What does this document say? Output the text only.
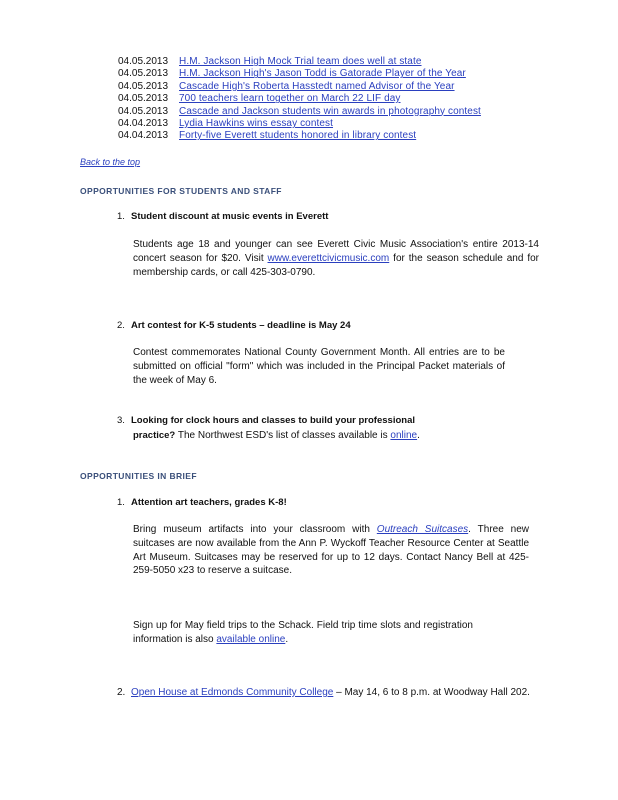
04.05.2013	H.M. Jackson High Mock Trial team does well at state
04.05.2013	H.M. Jackson High's Jason Todd is Gatorade Player of the Year
04.05.2013	Cascade High's Roberta Hasstedt named Advisor of the Year
04.05.2013	700 teachers learn together on March 22 LIF day
04.05.2013	Cascade and Jackson students win awards in photography contest
04.04.2013	Lydia Hawkins wins essay contest
04.04.2013	Forty-five Everett students honored in library contest
Back to the top
OPPORTUNITIES FOR STUDENTS AND STAFF
1. Student discount at music events in Everett
Students age 18 and younger can see Everett Civic Music Association's entire 2013-14 concert season for $20. Visit www.everettcivicmusic.com for the season schedule and for membership cards, or call 425-303-0790.
2. Art contest for K-5 students – deadline is May 24
Contest commemorates National County Government Month. All entries are to be submitted on official "form" which was included in the Principal Packet materials of the week of May 6.
3. Looking for clock hours and classes to build your professional
practice? The Northwest ESD's list of classes available is online.
OPPORTUNITIES IN BRIEF
1. Attention art teachers, grades K-8!
Bring museum artifacts into your classroom with Outreach Suitcases. Three new suitcases are now available from the Ann P. Wyckoff Teacher Resource Center at Seattle Art Museum. Suitcases may be reserved for up to 12 days. Contact Nancy Bell at 425-259-5050 x23 to reserve a suitcase.
Sign up for May field trips to the Schack. Field trip time slots and registration information is also available online.
2. Open House at Edmonds Community College – May 14, 6 to 8 p.m. at Woodway Hall 202.
